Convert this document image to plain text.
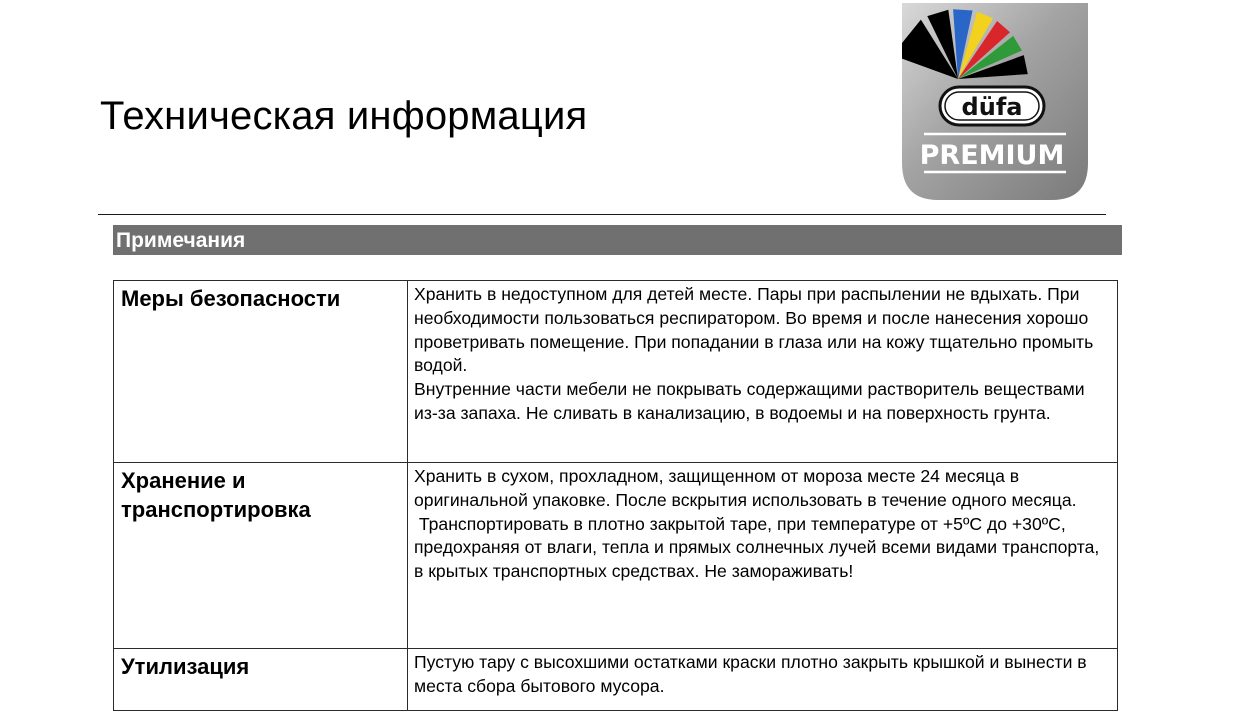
Техническая информация	düfa
PREMIUM
Примечания
Меры безопасности	Хранить в недоступном для детей месте. Пары при распылении не вдыхать. При необходимости пользоваться респиратором. Во время и после нанесения хорошо проветривать помещение. При попадании в глаза или на кожу тщательно промыть водой.

Внутренние части мебели не покрывать содержащими растворитель веществами из-за запаха. Не сливать в канализацию, в водоемы и на поверхность грунта.

Хранение и транспортировка	Хранить в сухом, прохладном, защищенном от мороза месте 24 месяца в оригинальной упаковке. После вскрытия использовать в течение одного месяца.

Транспортировать в плотно закрытой таре, при температуре от +5ºC до +30ºC, предохраняя от влаги, тепла и прямых солнечных лучей всеми видами транспорта,  в крытых транспортных средствах. Не замораживать!

Утилизация	Пустую тару с высохшими остатками краски плотно закрыть крышкой и вынести в места сбора бытового мусора.
